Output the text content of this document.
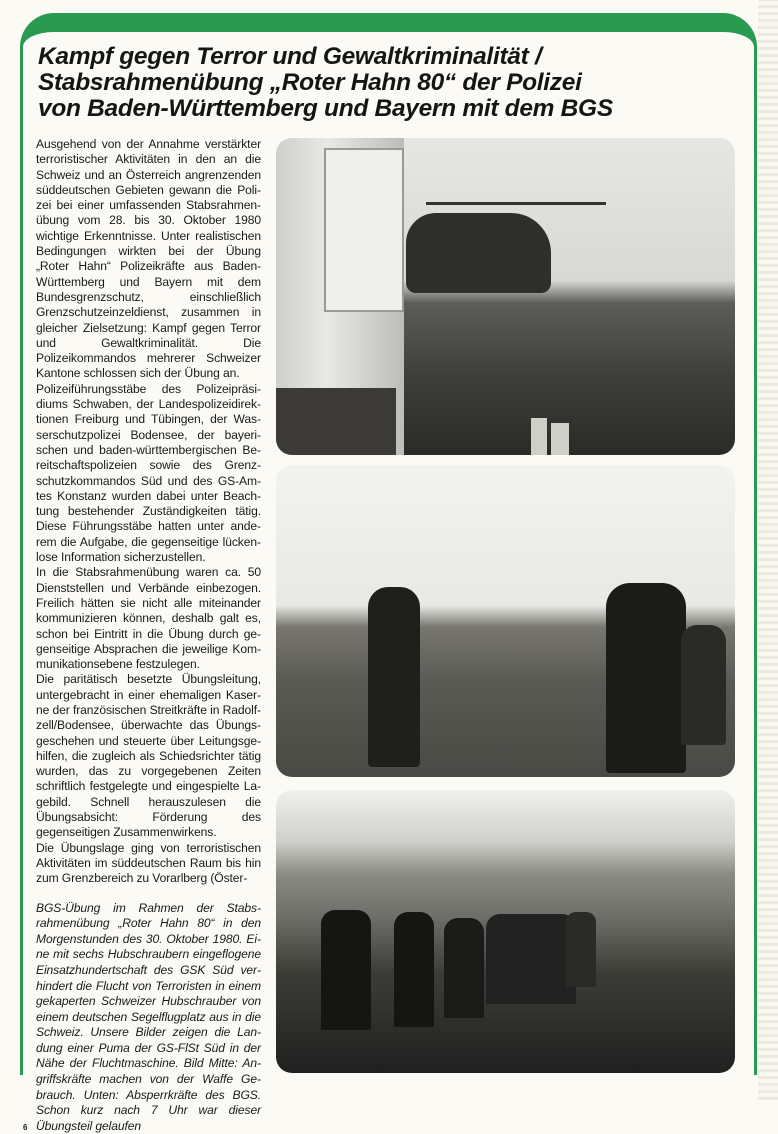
Kampf gegen Terror und Gewaltkriminalität /
Stabsrahmenübung „Roter Hahn 80“ der Polizei
von Baden-Württemberg und Bayern mit dem BGS

Ausgehend von der Annahme verstärkter terroristischer Aktivitäten in den an die Schweiz und an Österreich angrenzenden süddeutschen Gebieten gewann die Polizei bei einer umfassenden Stabsrahmenübung vom 28. bis 30. Oktober 1980 wichtige Erkenntnisse. Unter realistischen Bedingungen wirkten bei der Übung „Roter Hahn“ Polizeikräfte aus Baden-Württemberg und Bayern mit dem Bundesgrenzschutz, einschließlich Grenzschutzeinzeldienst, zusammen in gleicher Zielsetzung: Kampf gegen Terror und Gewaltkriminalität. Die Polizeikommandos mehrerer Schweizer Kantone schlossen sich der Übung an.

Polizeiführungsstäbe des Polizeipräsidiums Schwaben, der Landespolizeidirektionen Freiburg und Tübingen, der Wasserschutzpolizei Bodensee, der bayerischen und baden-württembergischen Bereitschaftspolizeien sowie des Grenzschutzkommandos Süd und des GS-Amtes Konstanz wurden dabei unter Beachtung bestehender Zuständigkeiten tätig. Diese Führungsstäbe hatten unter anderem die Aufgabe, die gegenseitige lückenlose Information sicherzustellen.

In die Stabsrahmenübung waren ca. 50 Dienststellen und Verbände einbezogen. Freilich hätten sie nicht alle miteinander kommunizieren können, deshalb galt es, schon bei Eintritt in die Übung durch gegenseitige Absprachen die jeweilige Kommunikationsebene festzulegen.

Die paritätisch besetzte Übungsleitung, untergebracht in einer ehemaligen Kaserne der französischen Streitkräfte in Radolfzell/Bodensee, überwachte das Übungsgeschehen und steuerte über Leitungsgehilfen, die zugleich als Schiedsrichter tätig wurden, das zu vorgegebenen Zeiten schriftlich festgelegte und eingespielte Lagebild. Schnell herauszulesen die Übungsabsicht: Förderung des gegenseitigen Zusammenwirkens.

Die Übungslage ging von terroristischen Aktivitäten im süddeutschen Raum bis hin zum Grenzbereich zu Vorarlberg (Öster-

BGS-Übung im Rahmen der Stabsrahmenübung „Roter Hahn 80“ in den Morgenstunden des 30. Oktober 1980. Eine mit sechs Hubschraubern eingeflogene Einsatzhundertschaft des GSK Süd verhindert die Flucht von Terroristen in einem gekaperten Schweizer Hubschrauber von einem deutschen Segelflugplatz aus in die Schweiz. Unsere Bilder zeigen die Landung einer Puma der GS-FlSt Süd in der Nähe der Fluchtmaschine. Bild Mitte: Angriffskräfte machen von der Waffe Gebrauch. Unten: Absperrkräfte des BGS. Schon kurz nach 7 Uhr war dieser Übungsteil gelaufen
6
